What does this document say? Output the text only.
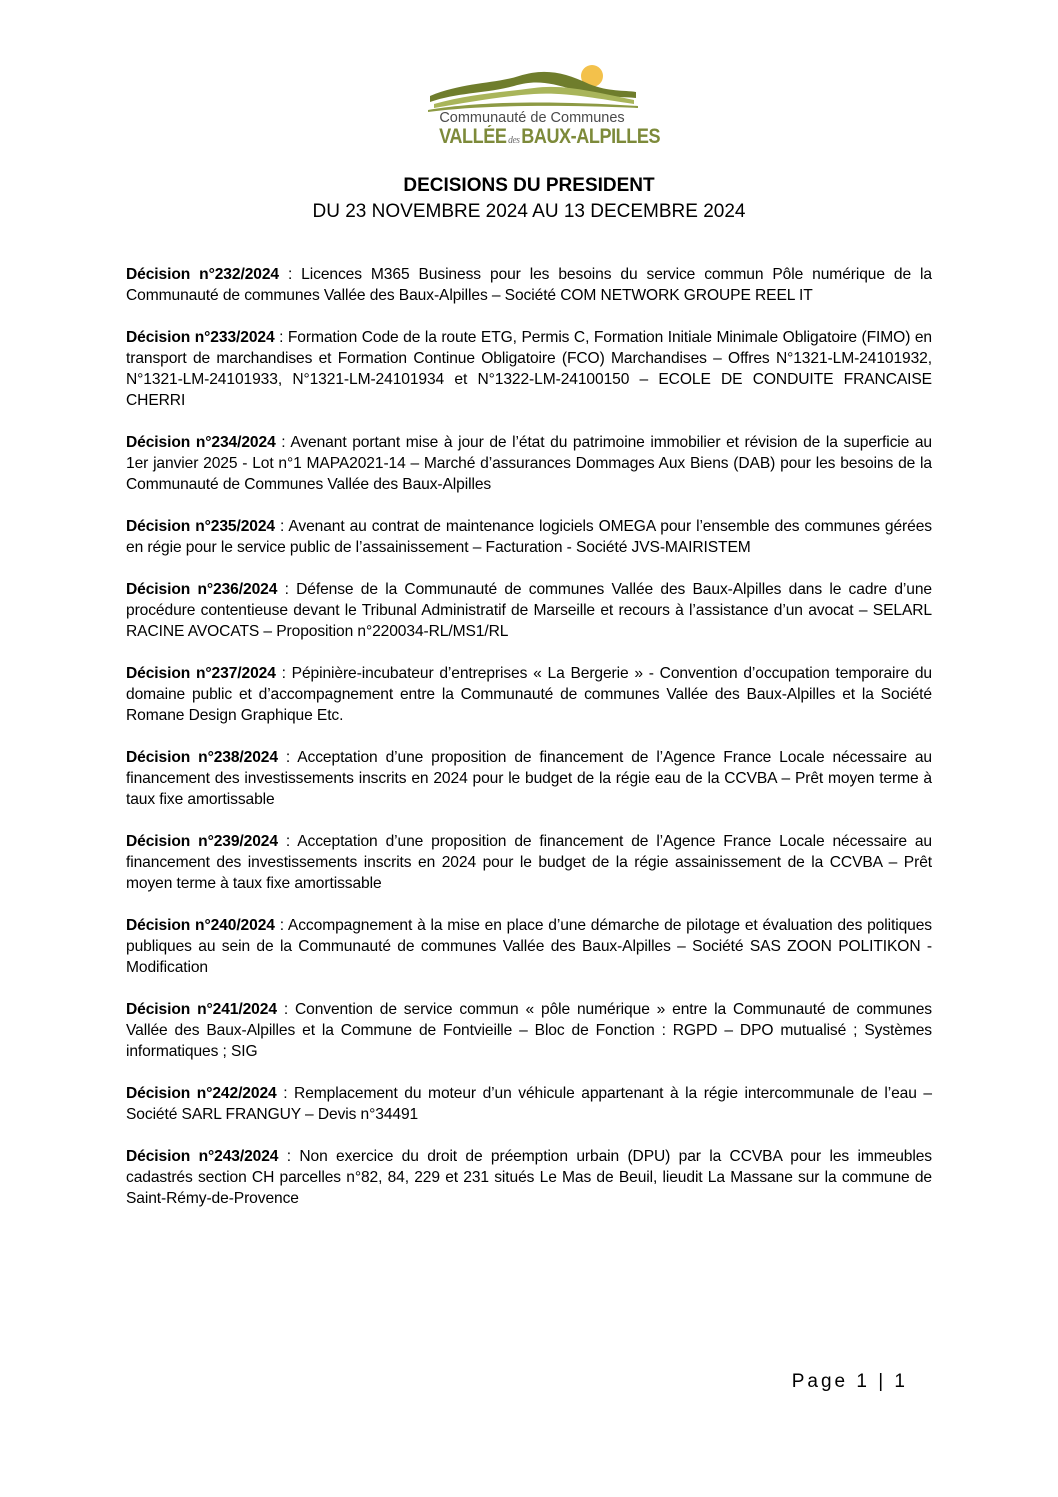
Communauté de Communes
VALLÉE desBAUX-ALPILLES
DECISIONS DU PRESIDENT
DU 23 NOVEMBRE 2024 AU 13 DECEMBRE 2024

Décision n°232/2024 : Licences M365 Business pour les besoins du service commun Pôle numérique de la Communauté de communes Vallée des Baux-Alpilles – Société COM NETWORK GROUPE REEL IT

Décision n°233/2024 : Formation Code de la route ETG, Permis C, Formation Initiale Minimale Obligatoire (FIMO) en transport de marchandises et Formation Continue Obligatoire (FCO) Marchandises – Offres N°1321-LM-24101932, N°1321-LM-24101933, N°1321-LM-24101934 et N°1322-LM-24100150 – ECOLE DE CONDUITE FRANCAISE CHERRI

Décision n°234/2024 : Avenant portant mise à jour de l’état du patrimoine immobilier et révision de la superficie au 1er janvier 2025 - Lot n°1 MAPA2021-14 – Marché d’assurances Dommages Aux Biens (DAB) pour les besoins de la Communauté de Communes Vallée des Baux-Alpilles

Décision n°235/2024 : Avenant au contrat de maintenance logiciels OMEGA pour l’ensemble des communes gérées en régie pour le service public de l’assainissement – Facturation - Société JVS-MAIRISTEM

Décision n°236/2024 : Défense de la Communauté de communes Vallée des Baux-Alpilles dans le cadre d’une procédure contentieuse devant le Tribunal Administratif de Marseille et recours à l’assistance d’un avocat – SELARL RACINE AVOCATS – Proposition n°220034-RL/MS1/RL

Décision n°237/2024 : Pépinière-incubateur d’entreprises « La Bergerie » - Convention d’occupation temporaire du domaine public et d’accompagnement entre la Communauté de communes Vallée des Baux-Alpilles et la Société Romane Design Graphique Etc.

Décision n°238/2024 : Acceptation d’une proposition de financement de l’Agence France Locale nécessaire au financement des investissements inscrits en 2024 pour le budget de la régie eau de la CCVBA – Prêt moyen terme à taux fixe amortissable

Décision n°239/2024 : Acceptation d’une proposition de financement de l’Agence France Locale nécessaire au financement des investissements inscrits en 2024 pour le budget de la régie assainissement de la CCVBA – Prêt moyen terme à taux fixe amortissable

Décision n°240/2024 : Accompagnement à la mise en place d’une démarche de pilotage et évaluation des politiques publiques au sein de la Communauté de communes Vallée des Baux-Alpilles – Société SAS ZOON POLITIKON - Modification

Décision n°241/2024 : Convention de service commun « pôle numérique » entre la Communauté de communes Vallée des Baux-Alpilles et la Commune de Fontvieille – Bloc de Fonction : RGPD – DPO mutualisé ; Systèmes informatiques ; SIG

Décision n°242/2024 : Remplacement du moteur d’un véhicule appartenant à la régie intercommunale de l’eau – Société SARL FRANGUY – Devis n°34491

Décision n°243/2024 : Non exercice du droit de préemption urbain (DPU) par la CCVBA pour les immeubles cadastrés section CH parcelles n°82, 84, 229 et 231 situés Le Mas de Beuil, lieudit La Massane sur la commune de Saint-Rémy-de-Provence

Page 1 | 1
